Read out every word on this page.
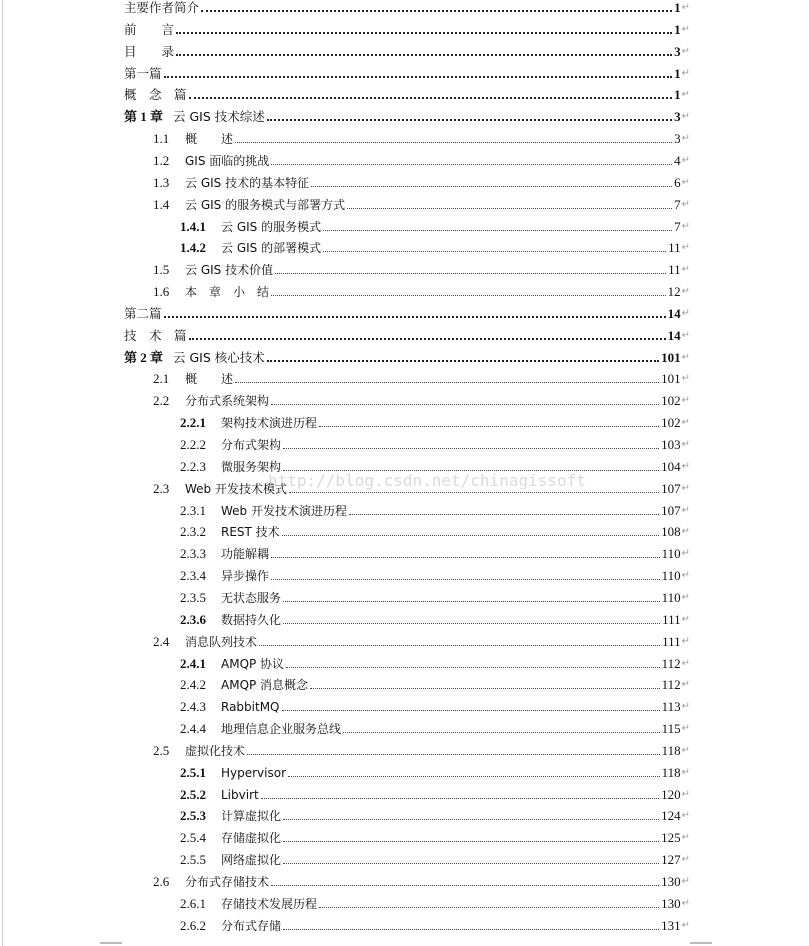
主要作者简介	1 ↵
前　　言	1 ↵
目　　录	3 ↵
第一篇	1 ↵
概　念　篇	1 ↵
第 1 章 云 GIS 技术综述	3 ↵
1.1	概　　述	3 ↵
1.2	GIS 面临的挑战	4 ↵
1.3	云 GIS 技术的基本特征	6 ↵
1.4	云 GIS 的服务模式与部署方式	7 ↵
1.4.1	云 GIS 的服务模式	7 ↵
1.4.2	云 GIS 的部署模式	11 ↵
1.5	云 GIS 技术价值	11 ↵
1.6	本　章　小　结	12 ↵
第二篇	14 ↵
技　术　篇	14 ↵
第 2 章 云 GIS 核心技术	101 ↵
2.1	概　　述	101 ↵
2.2	分布式系统架构	102 ↵
2.2.1	架构技术演进历程	102 ↵
2.2.2	分布式架构	103 ↵
2.2.3	微服务架构	104 ↵
2.3	Web 开发技术模式	107 ↵
2.3.1	Web 开发技术演进历程	107 ↵
2.3.2	REST 技术	108 ↵
2.3.3	功能解耦	110 ↵
2.3.4	异步操作	110 ↵
2.3.5	无状态服务	110 ↵
2.3.6	数据持久化	111 ↵
2.4	消息队列技术	111 ↵
2.4.1	AMQP 协议	112 ↵
2.4.2	AMQP 消息概念	112 ↵
2.4.3	RabbitMQ	113 ↵
2.4.4	地理信息企业服务总线	115 ↵
2.5	虚拟化技术	118 ↵
2.5.1	Hypervisor	118 ↵
2.5.2	Libvirt	120 ↵
2.5.3	计算虚拟化	124 ↵
2.5.4	存储虚拟化	125 ↵
2.5.5	网络虚拟化	127 ↵
2.6	分布式存储技术	130 ↵
2.6.1	存储技术发展历程	130 ↵
2.6.2	分布式存储	131 ↵
http://blog.csdn.net/chinagissoft
